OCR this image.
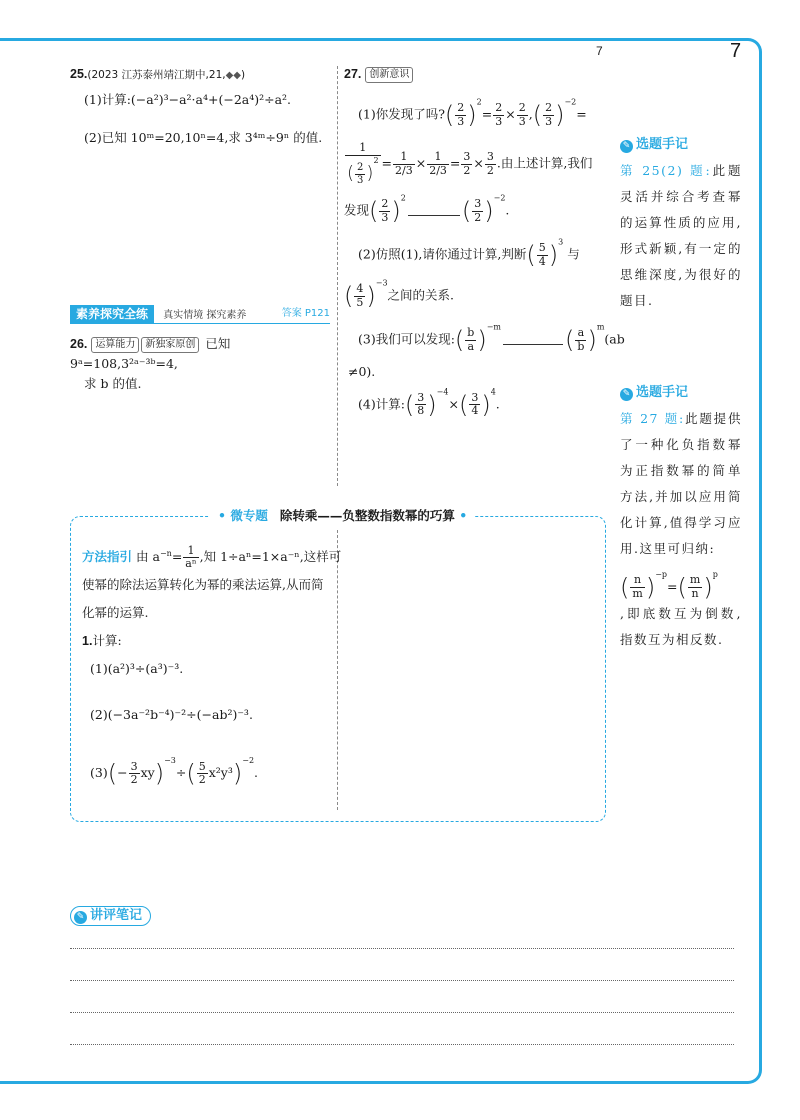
7	7
25.(2023 江苏泰州靖江期中,21,◆◆)
(1)计算:(−a²)³−a²·a⁴+(−2a⁴)²÷a².
(2)已知 10ᵐ=20,10ⁿ=4,求 3⁴ᵐ÷9ⁿ 的值.
素养探究全练 真实情境 探究素养	答案 P121
26. 运算能力 新独家原创 已知 9ᵃ=108,3²ᵃ⁻³ᵇ=4,
求 b 的值.
27. 创新意识
(1)你发现了吗?( $\frac{2}{3} )^2= \frac{2}{3} \times \frac{2}{3}$ ,( $\frac{2}{3} )^{-2}=$
$\frac{1}{( \frac{2}{3} )^2} = \frac{1}{2/3} \times \frac{1}{2/3} = \frac{3}{2} \times \frac{3}{2}$ .由上述计算,我们
发现( $\frac{2}{3} )^2$ ( $\frac{3}{2} )^{-2}$.
(2)仿照(1),请你通过计算,判断( $\frac{5}{4} )^3$ 与
( $\frac{4}{5} )^{-3}$之间的关系.
(3)我们可以发现:( $\frac{b}{a} )^{-m}$	( $\frac{a}{b} )^m(ab$
≠0).
(4)计算:( $\frac{3}{8} )^{-4}\times( \frac{3}{4} )^4$.
✎ 选题手记
第 25(2) 题:此题灵活并综合考查幂的运算性质的应用,形式新颖,有一定的思维深度,为很好的题目.
✎ 选题手记
第 27 题:此题提供了一种化负指数幂为正指数幂的简单方法,并加以应用简化计算,值得学习应用.这里可归纳:
( $\frac{n}{m} )^{-p}=( \frac{m}{n} )^p$
,即底数互为倒数,指数互为相反数.
• 微专题 除转乘——负整数指数幂的巧算 •
方法指引 由 $a^{-n}= \frac{1}{\text{aⁿ}}$ ,知 1÷aⁿ=1×a⁻ⁿ,这样可
使幂的除法运算转化为幂的乘法运算,从而简
化幂的运算.
1.计算:
(1)(a²)³÷(a³)⁻³.
(2)(−3a⁻²b⁻⁴)⁻²÷(−ab²)⁻³.
$(3)(- \frac{3}{2} xy)^{-3}\div( \frac{5}{2} x^2y^3)^{-2}$.
✎ 讲评笔记
